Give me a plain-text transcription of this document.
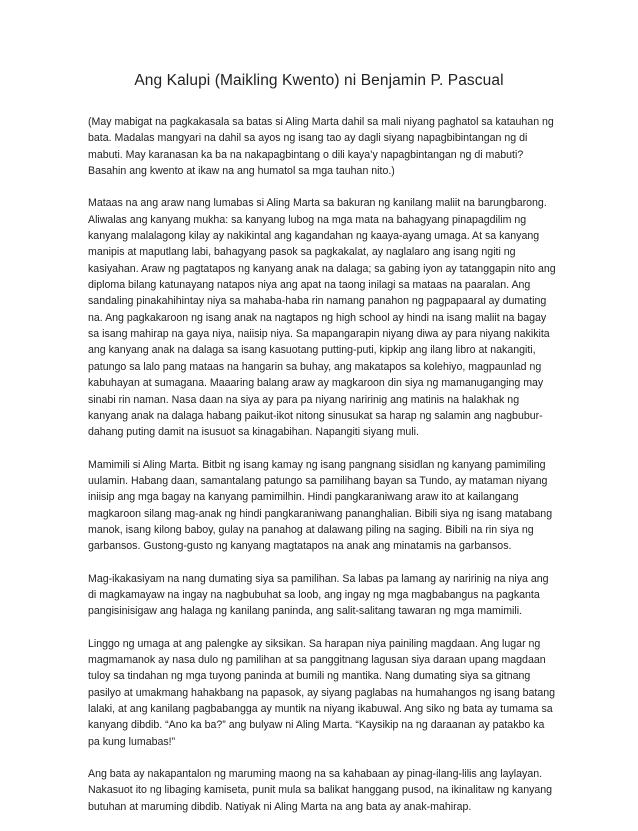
Ang Kalupi (Maikling Kwento) ni Benjamin P. Pascual

(May mabigat na pagkakasala sa batas si Aling Marta dahil sa mali niyang paghatol sa katauhan ng bata. Madalas mangyari na dahil sa ayos ng isang tao ay dagli siyang napagbibintangan ng di mabuti. May karanasan ka ba na nakapagbintang o dili kaya’y napagbintangan ng di mabuti? Basahin ang kwento at ikaw na ang humatol sa mga tauhan nito.)

Mataas na ang araw nang lumabas si Aling Marta sa bakuran ng kanilang maliit na barungbarong. Aliwalas ang kanyang mukha: sa kanyang lubog na mga mata na bahagyang pinapagdilim ng kanyang malalagong kilay ay nakikintal ang kagandahan ng kaaya-ayang umaga. At sa kanyang manipis at maputlang labi, bahagyang pasok sa pagkakalat, ay naglalaro ang isang ngiti ng kasiyahan. Araw ng pagtatapos ng kanyang anak na dalaga; sa gabing iyon ay tatanggapin nito ang diploma bilang katunayang natapos niya ang apat na taong inilagi sa mataas na paaralan. Ang sandaling pinakahihintay niya sa mahaba-haba rin namang panahon ng pagpapaaral ay dumating na. Ang pagkakaroon ng isang anak na nagtapos ng high school ay hindi na isang maliit na bagay sa isang mahirap na gaya niya, naiisip niya. Sa mapangarapin niyang diwa ay para niyang nakikita ang kanyang anak na dalaga sa isang kasuotang putting-puti, kipkip ang ilang libro at nakangiti, patungo sa lalo pang mataas na hangarin sa buhay, ang makatapos sa kolehiyo, magpaunlad ng kabuhayan at sumagana. Maaaring balang araw ay magkaroon din siya ng mamanuganging may sinabi rin naman. Nasa daan na siya ay para pa niyang naririnig ang matinis na halakhak ng kanyang anak na dalaga habang paikut-ikot nitong sinusukat sa harap ng salamin ang nagbubur-dahang puting damit na isusuot sa kinagabihan. Napangiti siyang muli.

Mamimili si Aling Marta. Bitbit ng isang kamay ng isang pangnang sisidlan ng kanyang pamimiling uulamin. Habang daan, samantalang patungo sa pamilihang bayan sa Tundo, ay mataman niyang iniisip ang mga bagay na kanyang pamimilhin. Hindi pangkaraniwang araw ito at kailangang magkaroon silang mag-anak ng hindi pangkaraniwang pananghalian. Bibili siya ng isang matabang manok, isang kilong baboy, gulay na panahog at dalawang piling na saging. Bibili na rin siya ng garbansos. Gustong-gusto ng kanyang magtatapos na anak ang minatamis na garbansos.

Mag-ikakasiyam na nang dumating siya sa pamilihan. Sa labas pa lamang ay naririnig na niya ang di magkamayaw na ingay na nagbubuhat sa loob, ang ingay ng mga magbabangus na pagkanta pangisinisigaw ang halaga ng kanilang paninda, ang salit-salitang tawaran ng mga mamimili.

Linggo ng umaga at ang palengke ay siksikan. Sa harapan niya painiling magdaan. Ang lugar ng magmamanok ay nasa dulo ng pamilihan at sa panggitnang lagusan siya daraan upang magdaan tuloy sa tindahan ng mga tuyong paninda at bumili ng mantika. Nang dumating siya sa gitnang pasilyo at umakmang hahakbang na papasok, ay siyang paglabas na humahangos ng isang batang lalaki, at ang kanilang pagbabangga ay muntik na niyang ikabuwal. Ang siko ng bata ay tumama sa kanyang dibdib. “Ano ka ba?” ang bulyaw ni Aling Marta. “Kaysikip na ng daraanan ay patakbo ka pa kung lumabas!”

Ang bata ay nakapantalon ng maruming maong na sa kahabaan ay pinag-ilang-lilis ang laylayan. Nakasuot ito ng libaging kamiseta, punit mula sa balikat hanggang pusod, na ikinalitaw ng kanyang butuhan at maruming dibdib. Natiyak ni Aling Marta na ang bata ay anak-mahirap.
